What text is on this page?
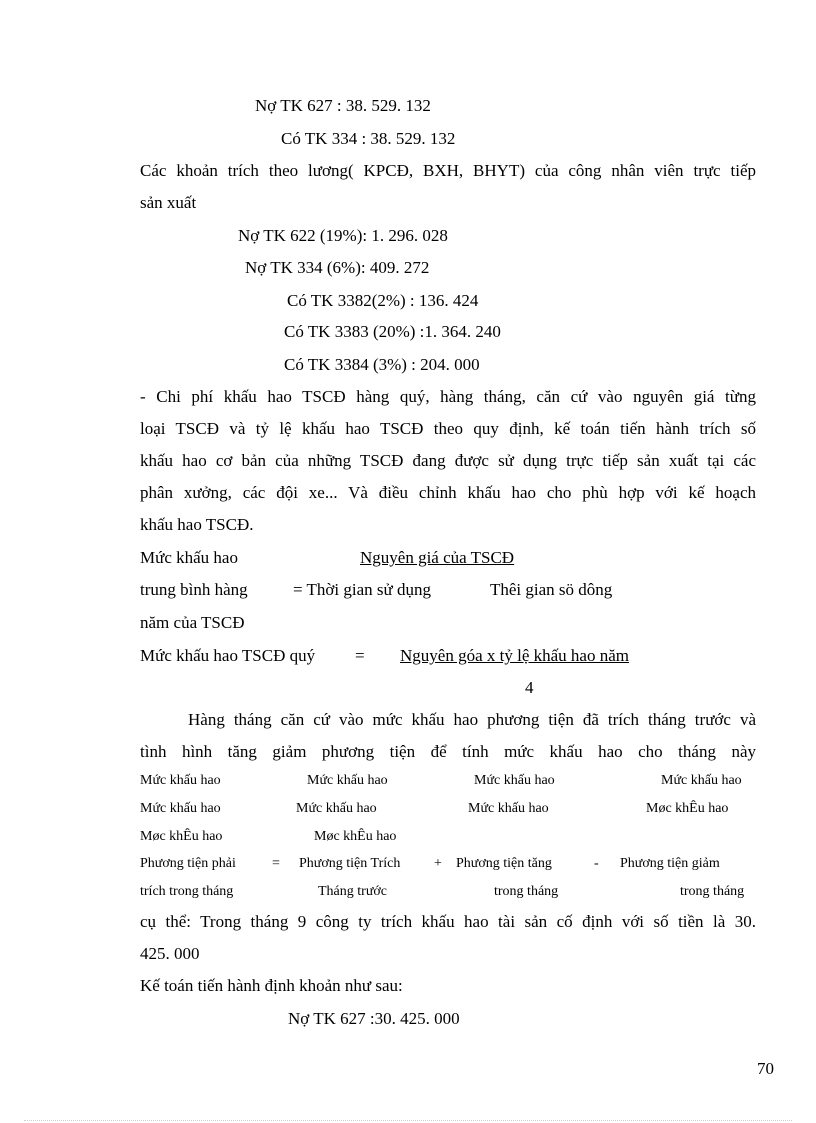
Nợ TK 627 : 38. 529. 132
Có TK 334 : 38. 529. 132
Các khoản trích theo lương( KPCĐ, BXH, BHYT) của công nhân viên trực tiếp
sản xuất
Nợ TK 622 (19%): 1. 296. 028
Nợ TK 334 (6%): 409. 272
Có TK 3382(2%) : 136. 424
Có TK 3383 (20%) :1. 364. 240
Có TK 3384 (3%) : 204. 000
- Chi phí khấu hao TSCĐ hàng quý, hàng tháng, căn cứ vào nguyên giá từng
loại TSCĐ và tỷ lệ khấu hao TSCĐ theo quy định, kế toán tiến hành trích số
khấu hao cơ bản của những TSCĐ đang được sử dụng trực tiếp sản xuất tại các
phân xưởng, các đội xe... Và điều chỉnh khấu hao cho phù hợp với kế hoạch
khấu hao TSCĐ.
Mức khấu hao	Nguyên giá của TSCĐ
trung bình hàng	= Thời gian sử dụng	Thêi gian sö dông
năm của TSCĐ
Mức khấu hao TSCĐ quý = Nguyên góa x tỷ lệ khấu hao năm
4
Hàng tháng căn cứ vào mức khấu hao phương tiện đã trích tháng trước và
tình hình tăng giảm phương tiện để tính mức khấu hao cho tháng này
Mức khấu hao	Mức khấu hao	Mức khấu hao	Mức khấu hao
Mức khấu hao	Mức khấu hao	Mức khấu hao	Møc khÊu hao
Møc khÊu hao	Møc khÊu hao
Phương tiện phải	= Phương tiện Trích + Phương tiện tăng	- Phương tiện giảm
trích trong tháng	Tháng trước	trong tháng	trong tháng
cụ thể: Trong tháng 9 công ty trích khấu hao tài sản cố định với số tiền là 30.
425. 000
Kế toán tiến hành định khoản như sau:
Nợ TK 627 :30. 425. 000
70
